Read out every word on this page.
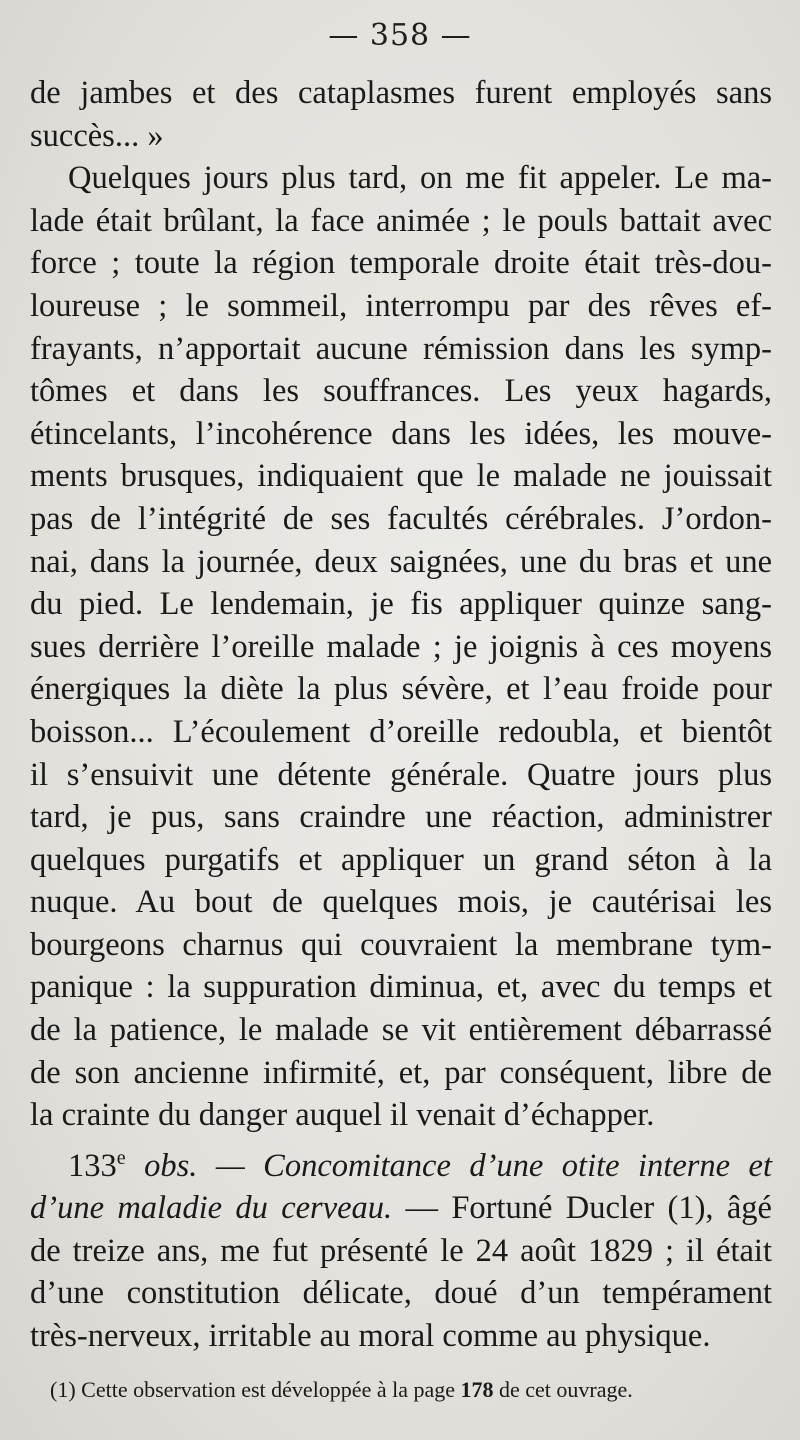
— 358 —

de jambes et des cataplasmes furent employés sans
succès... »

Quelques jours plus tard, on me fit appeler. Le ma-
lade était brûlant, la face animée ; le pouls battait avec
force ; toute la région temporale droite était très-dou-
loureuse ; le sommeil, interrompu par des rêves ef-
frayants, n’apportait aucune rémission dans les symp-
tômes et dans les souffrances. Les yeux hagards,
étincelants, l’incohérence dans les idées, les mouve-
ments brusques, indiquaient que le malade ne jouissait
pas de l’intégrité de ses facultés cérébrales. J’ordon-
nai, dans la journée, deux saignées, une du bras et une
du pied. Le lendemain, je fis appliquer quinze sang-
sues derrière l’oreille malade ; je joignis à ces moyens
énergiques la diète la plus sévère, et l’eau froide pour
boisson... L’écoulement d’oreille redoubla, et bientôt
il s’ensuivit une détente générale. Quatre jours plus
tard, je pus, sans craindre une réaction, administrer
quelques purgatifs et appliquer un grand séton à la
nuque. Au bout de quelques mois, je cautérisai les
bourgeons charnus qui couvraient la membrane tym-
panique : la suppuration diminua, et, avec du temps et
de la patience, le malade se vit entièrement débarrassé
de son ancienne infirmité, et, par conséquent, libre de
la crainte du danger auquel il venait d’échapper.

133e obs. — Concomitance d’une otite interne et
d’une maladie du cerveau. — Fortuné Ducler (1), âgé
de treize ans, me fut présenté le 24 août 1829 ; il était
d’une constitution délicate, doué d’un tempérament
très-nerveux, irritable au moral comme au physique.

(1) Cette observation est développée à la page 178 de cet ouvrage.
